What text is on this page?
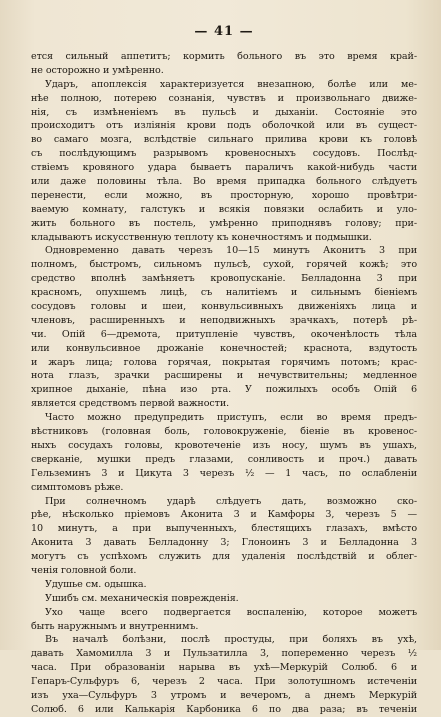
— 41 —
ется сильный аппетитъ; кормить больного въ это время край-
не осторожно и умѣренно.
Ударъ, апоплексія характеризуется внезапною, болѣе или ме-
нѣе полною, потерею сознанія, чувствъ и произвольнаго движе-
нія, съ измѣненіемъ въ пульсѣ и дыханіи. Состояніе это
происходитъ отъ изліянія крови подъ оболочкой или въ сущест-
во самаго мозга, вслѣдствіе сильнаго прилива крови къ головѣ
съ послѣдующимъ разрывомъ кровеносныхъ сосудовъ. Послѣд-
ствіемъ кровяного удара бываетъ параличъ какой-нибудь части
или даже половины тѣла. Во время припадка больного слѣдуетъ
перенести, если можно, въ просторную, хорошо провѣтри-
ваемую комнату, галстукъ и всякія повязки ослабить и уло-
жить больного въ постель, умѣренно приподнявъ голову; при-
кладываютъ искусственную теплоту къ конечностямъ и подмышки.
Одновременно давать черезъ 10—15 минутъ Аконитъ 3 при
полномъ, быстромъ, сильномъ пульсѣ, сухой, горячей кожѣ; это
средство вполнѣ замѣняетъ кровопусканіе. Белладонна 3 при
красномъ, опухшемъ лицѣ, съ налитіемъ и сильнымъ біеніемъ
сосудовъ головы и шеи, конвульсивныхъ движеніяхъ лица и
членовъ, расширенныхъ и неподвижныхъ зрачкахъ, потерѣ рѣ-
чи. Опій 6—дремота, притупленіе чувствъ, окоченѣлость тѣла
или конвульсивное дрожаніе конечностей; краснота, вздутость
и жаръ лица; голова горячая, покрытая горячимъ потомъ; крас-
нота глазъ, зрачки расширены и нечувствительны; медленное
хрипное дыханіе, пѣна изо рта. У пожилыхъ особъ Опій 6
является средствомъ первой важности.
Часто можно предупредить приступъ, если во время предъ-
вѣстниковъ (головная боль, головокруженіе, біеніе въ кровенос-
ныхъ сосудахъ головы, кровотеченіе изъ носу, шумъ въ ушахъ,
сверканіе, мушки предъ глазами, сонливость и проч.) давать
Гельземинъ 3 и Цикута 3 черезъ ½ — 1 часъ, по ослабленіи
симптомовъ рѣже.
При солнечномъ ударѣ слѣдуетъ дать, возможно ско-
рѣе, нѣсколько пріемовъ Аконита 3 и Камфоры 3, черезъ 5 —
10 минутъ, а при выпученныхъ, блестящихъ глазахъ, вмѣсто
Аконита 3 давать Белладонну 3; Глоноинъ 3 и Белладонна 3
могутъ съ успѣхомъ служить для удаленія послѣдствій и облег-
ченія головной боли.
Удушье см. одышка.
Ушибъ см. механическія поврежденія.
Ухо чаще всего подвергается воспаленію, которое можетъ
быть наружнымъ и внутреннимъ.
Въ началѣ болѣзни, послѣ простуды, при боляхъ въ ухѣ,
давать Хамомилла 3 и Пульзатилла 3, попеременно черезъ ½
часа. При образованіи нарыва въ ухѣ—Меркурій Солюб. 6 и
Гепаръ-Сульфуръ 6, черезъ 2 часа. При золотушномъ истеченіи
изъ уха—Сульфуръ 3 утромъ и вечеромъ, а днемъ Меркурій
Солюб. 6 или Калькарія Карбоника 6 по два раза; въ теченіи
